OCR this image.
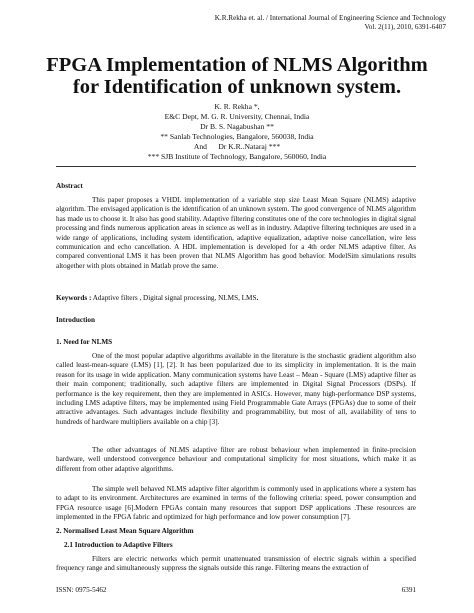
K.R.Rekha et. al. / International Journal of Engineering Science and Technology
Vol. 2(11), 2010, 6391-6407
FPGA Implementation of NLMS Algorithm
for Identification of unknown system.
K. R. Rekha *,
E&C Dept, M. G. R. University, Chennai, India
Dr B. S. Nagabushan **
** Sanlab Technologies, Bangalore, 560038, India
And      Dr K.R..Nataraj ***
*** SJB Institute of Technology, Bangalore, 560060, India
Abstract
This paper proposes a VHDL implementation of a variable step size Least Mean Square (NLMS) adaptive algorithm. The envisaged application is the identification of an unknown system. The good convergence of NLMS algorithm has made us to choose it. It also has good stability. Adaptive filtering constitutes one of the core technologies in digital signal processing and finds numerous application areas in science as well as in industry. Adaptive filtering techniques are used in a wide range of applications, including system identification, adaptive equalization, adaptive noise cancellation, wire less communication and echo cancellation. A HDL implementation is developed for a 4th order NLMS adaptive filter. As compared conventional LMS it has been proven that NLMS Algorithm has good behavior. ModelSim simulations results altogether with plots obtained in Matlab prove the same.
Keywords : Adaptive filters , Digital signal processing, NLMS, LMS.
Introduction
1. Need for NLMS
One of the most popular adaptive algorithms available in the literature is the stochastic gradient algorithm also called least-mean-square (LMS) [1], [2]. It has been popularized due to its simplicity in implementation. It is the main reason for its usage in wide application. Many communication systems have Least – Mean - Square (LMS) adaptive filter as their main component; traditionally, such adaptive filters are implemented in Digital Signal Processors (DSPs). If performance is the key requirement, then they are implemented in ASICs. However, many high-performance DSP systems, including LMS adaptive filters, may be implemented using Field Programmable Gate Arrays (FPGAs) due to some of their attractive advantages. Such advantages include flexibility and programmability, but most of all, availability of tens to hundreds of hardware multipliers available on a chip [3].
The other advantages of NLMS adaptive filter are robust behaviour when implemented in finite-precision hardware, well understood convergence behaviour and computational simplicity for most situations, which make it as different from other adaptive algorithms.
The simple well behaved NLMS adaptive filter algorithm is commonly used in applications where a system has to adapt to its environment. Architectures are examined in terms of the following criteria: speed, power consumption and FPGA resource usage [6].Modern FPGAs contain many resources that support DSP applications .These resources are implemented in the FPGA fabric and optimized for high performance and low power consumption [7].
2. Normalised Least Mean Square Algorithm
2.1 Introduction to Adaptive Filters
Filters are electric networks which permit unattenuated transmission of electric signals within a specified frequency range and simultaneously suppress the signals outside this range. Filtering means the extraction of
ISSN: 0975-5462	6391
